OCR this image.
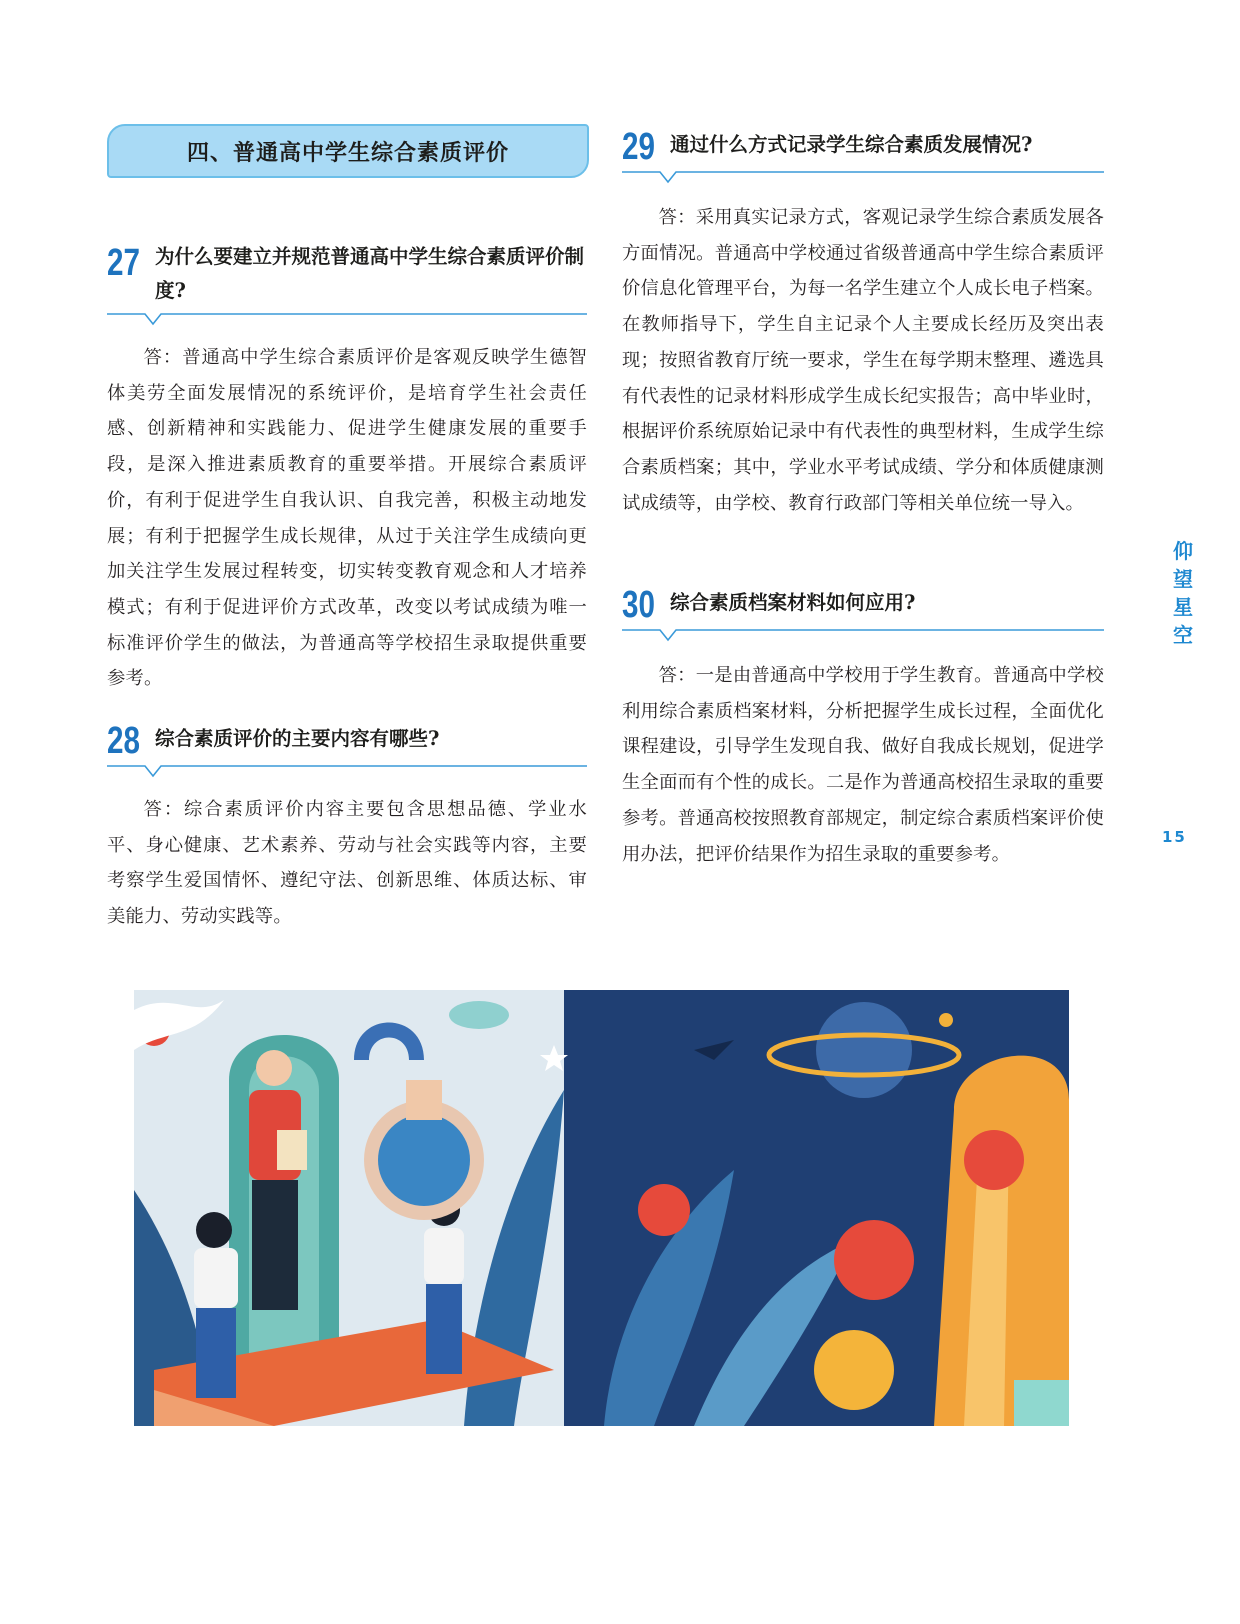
四、普通高中学生综合素质评价
27 为什么要建立并规范普通高中学生综合素质评价制度?

答：普通高中学生综合素质评价是客观反映学生德智体美劳全面发展情况的系统评价，是培育学生社会责任感、创新精神和实践能力、促进学生健康发展的重要手段，是深入推进素质教育的重要举措。开展综合素质评价，有利于促进学生自我认识、自我完善，积极主动地发展；有利于把握学生成长规律，从过于关注学生成绩向更加关注学生发展过程转变，切实转变教育观念和人才培养模式；有利于促进评价方式改革，改变以考试成绩为唯一标准评价学生的做法，为普通高等学校招生录取提供重要参考。

28 综合素质评价的主要内容有哪些?

答：综合素质评价内容主要包含思想品德、学业水平、身心健康、艺术素养、劳动与社会实践等内容，主要考察学生爱国情怀、遵纪守法、创新思维、体质达标、审美能力、劳动实践等。

29 通过什么方式记录学生综合素质发展情况?

答：采用真实记录方式，客观记录学生综合素质发展各方面情况。普通高中学校通过省级普通高中学生综合素质评价信息化管理平台，为每一名学生建立个人成长电子档案。在教师指导下，学生自主记录个人主要成长经历及突出表现；按照省教育厅统一要求，学生在每学期末整理、遴选具有代表性的记录材料形成学生成长纪实报告；高中毕业时，根据评价系统原始记录中有代表性的典型材料，生成学生综合素质档案；其中，学业水平考试成绩、学分和体质健康测试成绩等，由学校、教育行政部门等相关单位统一导入。

30 综合素质档案材料如何应用?

答：一是由普通高中学校用于学生教育。普通高中学校利用综合素质档案材料，分析把握学生成长过程，全面优化课程建设，引导学生发现自我、做好自我成长规划，促进学生全面而有个性的成长。二是作为普通高校招生录取的重要参考。普通高校按照教育部规定，制定综合素质档案评价使用办法，把评价结果作为招生录取的重要参考。

仰
望
星
空
15
